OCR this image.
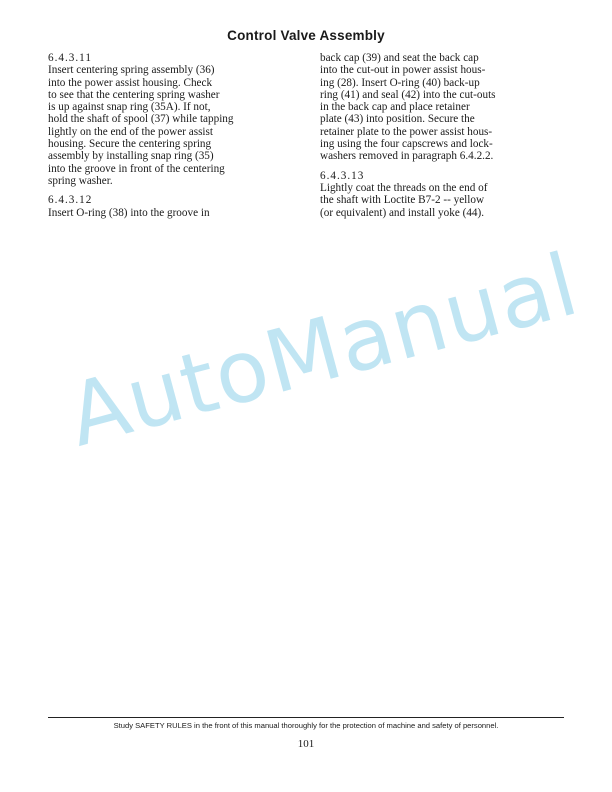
Control Valve Assembly
6.4.3.11
Insert centering spring assembly (36)
into the power assist housing. Check
to see that the centering spring washer
is up against snap ring (35A). If not,
hold the shaft of spool (37) while tapping
lightly on the end of the power assist
housing. Secure the centering spring
assembly by installing snap ring (35)
into the groove in front of the centering
spring washer.
6.4.3.12
Insert O-ring (38) into the groove in
back cap (39) and seat the back cap
into the cut-out in power assist hous-
ing (28). Insert O-ring (40) back-up
ring (41) and seal (42) into the cut-outs
in the back cap and place retainer
plate (43) into position. Secure the
retainer plate to the power assist hous-
ing using the four capscrews and lock-
washers removed in paragraph 6.4.2.2.
6.4.3.13
Lightly coat the threads on the end of
the shaft with Loctite B7-2 -- yellow
(or equivalent) and install yoke (44).
AutoManual
Study SAFETY RULES in the front of this manual thoroughly for the protection of machine and safety of personnel.
101
